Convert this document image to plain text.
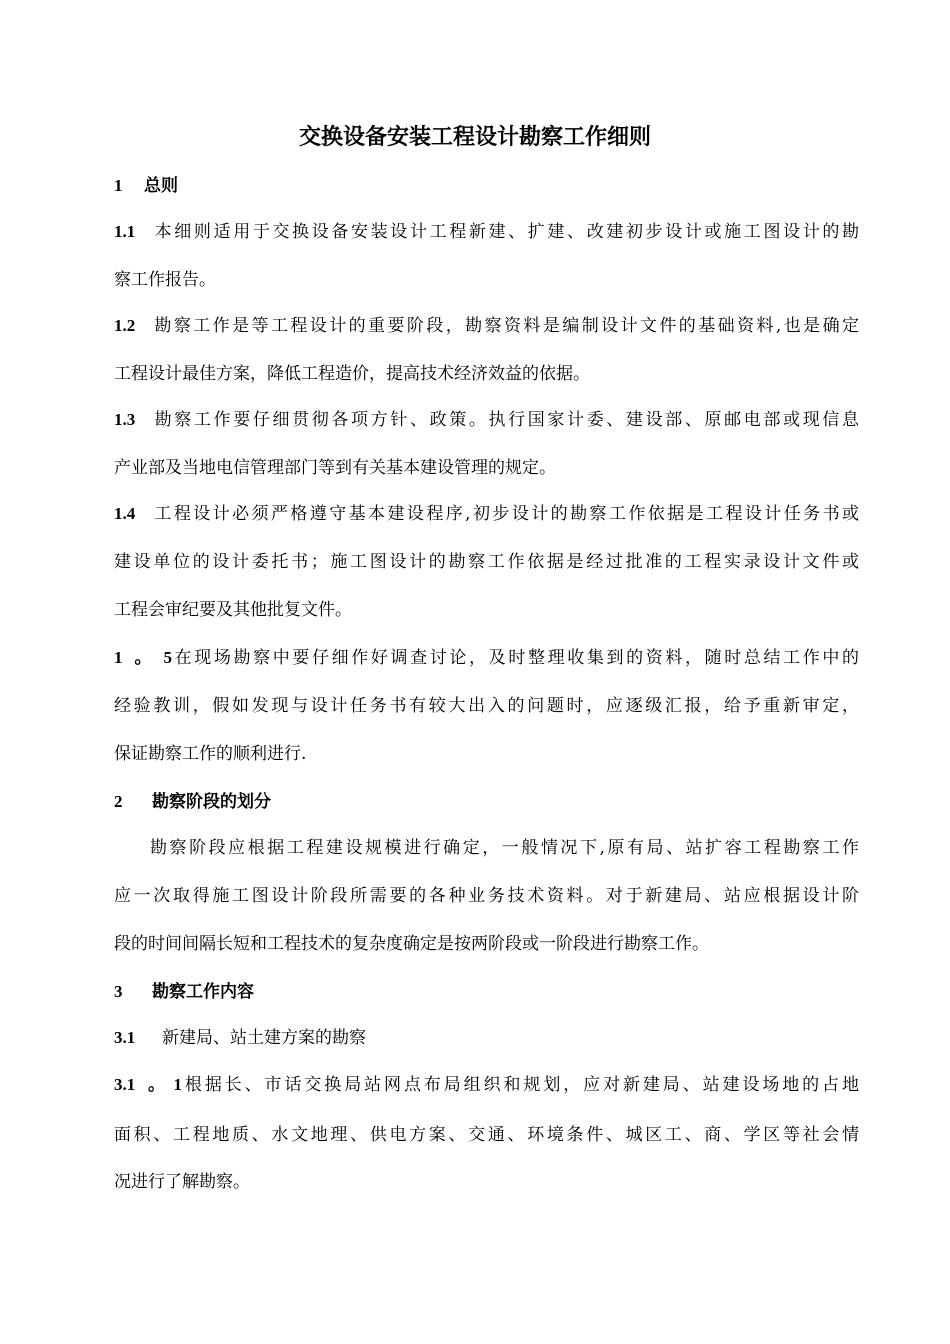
交换设备安装工程设计勘察工作细则
1 总则
1.1 本细则适用于交换设备安装设计工程新建、扩建、改建初步设计或施工图设计的勘
察工作报告。
1.2 勘察工作是等工程设计的重要阶段，勘察资料是编制设计文件的基础资料,也是确定
工程设计最佳方案，降低工程造价，提高技术经济效益的依据。
1.3 勘察工作要仔细贯彻各项方针、政策。执行国家计委、建设部、原邮电部或现信息
产业部及当地电信管理部门等到有关基本建设管理的规定。
1.4 工程设计必须严格遵守基本建设程序,初步设计的勘察工作依据是工程设计任务书或
建设单位的设计委托书；施工图设计的勘察工作依据是经过批准的工程实录设计文件或
工程会审纪要及其他批复文件。
1。5在现场勘察中要仔细作好调查讨论，及时整理收集到的资料，随时总结工作中的
经验教训，假如发现与设计任务书有较大出入的问题时，应逐级汇报，给予重新审定，
保证勘察工作的顺利进行.
2 勘察阶段的划分
勘察阶段应根据工程建设规模进行确定，一般情况下,原有局、站扩容工程勘察工作
应一次取得施工图设计阶段所需要的各种业务技术资料。对于新建局、站应根据设计阶
段的时间间隔长短和工程技术的复杂度确定是按两阶段或一阶段进行勘察工作。
3 勘察工作内容
3.1 新建局、站土建方案的勘察
3.1 。1根据长、市话交换局站网点布局组织和规划，应对新建局、站建设场地的占地
面积、工程地质、水文地理、供电方案、交通、环境条件、城区工、商、学区等社会情
况进行了解勘察。
